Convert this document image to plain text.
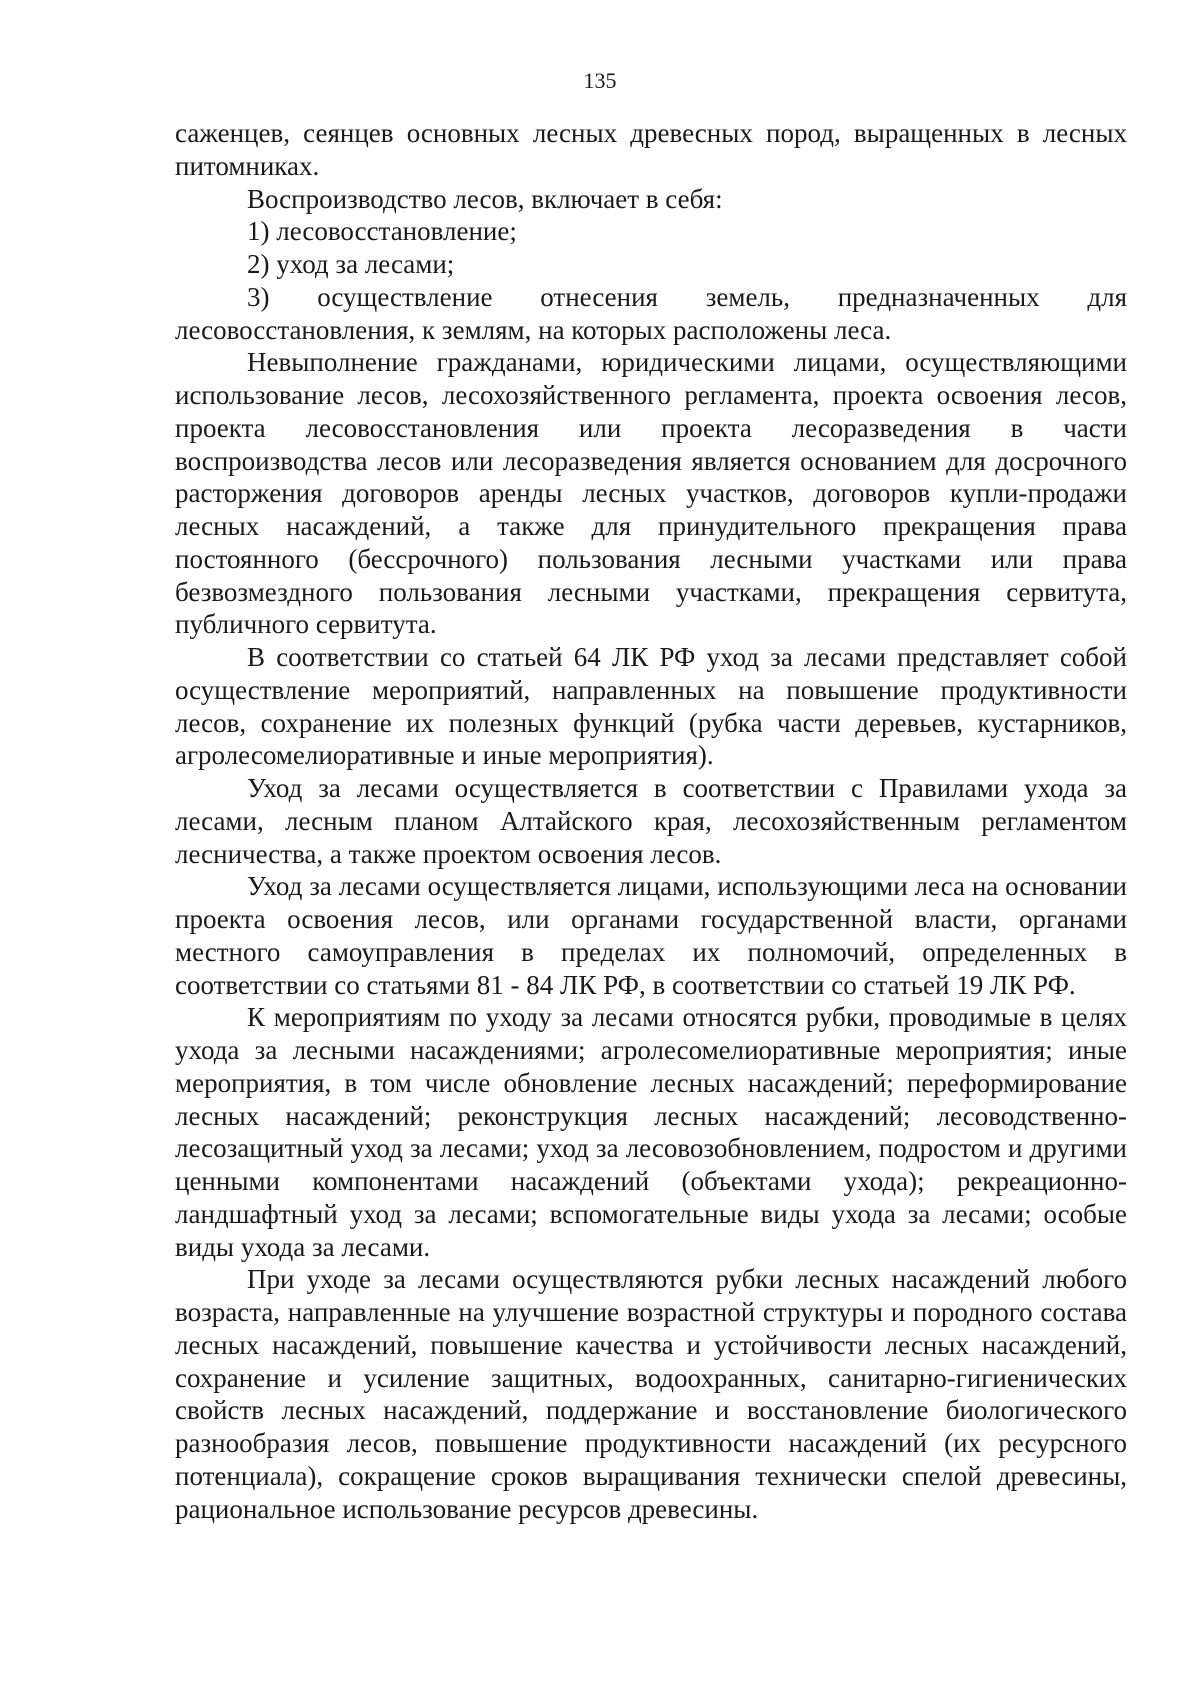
135

саженцев, сеянцев основных лесных древесных пород, выращенных в лесных питомниках.

Воспроизводство лесов, включает в себя:

1) лесовосстановление;

2) уход за лесами;

3) осуществление отнесения земель, предназначенных для лесовосстановления, к землям, на которых расположены леса.

Невыполнение гражданами, юридическими лицами, осуществляющими использование лесов, лесохозяйственного регламента, проекта освоения лесов, проекта лесовосстановления или проекта лесоразведения в части воспроизводства лесов или лесоразведения является основанием для досрочного расторжения договоров аренды лесных участков, договоров купли-продажи лесных насаждений, а также для принудительного прекращения права постоянного (бессрочного) пользования лесными участками или права безвозмездного пользования лесными участками, прекращения сервитута, публичного сервитута.

В соответствии со статьей 64 ЛК РФ уход за лесами представляет собой осуществление мероприятий, направленных на повышение продуктивности лесов, сохранение их полезных функций (рубка части деревьев, кустарников, агролесомелиоративные и иные мероприятия).

Уход за лесами осуществляется в соответствии с Правилами ухода за лесами, лесным планом Алтайского края, лесохозяйственным регламентом лесничества, а также проектом освоения лесов.

Уход за лесами осуществляется лицами, использующими леса на основании проекта освоения лесов, или органами государственной власти, органами местного самоуправления в пределах их полномочий, определенных в соответствии со статьями 81 - 84 ЛК РФ, в соответствии со статьей 19 ЛК РФ.

К мероприятиям по уходу за лесами относятся рубки, проводимые в целях ухода за лесными насаждениями; агролесомелиоративные мероприятия; иные мероприятия, в том числе обновление лесных насаждений; переформирование лесных насаждений; реконструкция лесных насаждений; лесоводственно-лесозащитный уход за лесами; уход за лесовозобновлением, подростом и другими ценными компонентами насаждений (объектами ухода); рекреационно-ландшафтный уход за лесами; вспомогательные виды ухода за лесами; особые виды ухода за лесами.

При уходе за лесами осуществляются рубки лесных насаждений любого возраста, направленные на улучшение возрастной структуры и породного состава лесных насаждений, повышение качества и устойчивости лесных насаждений, сохранение и усиление защитных, водоохранных, санитарно-гигиенических свойств лесных насаждений, поддержание и восстановление биологического разнообразия лесов, повышение продуктивности насаждений (их ресурсного потенциала), сокращение сроков выращивания технически спелой древесины, рациональное использование ресурсов древесины.
